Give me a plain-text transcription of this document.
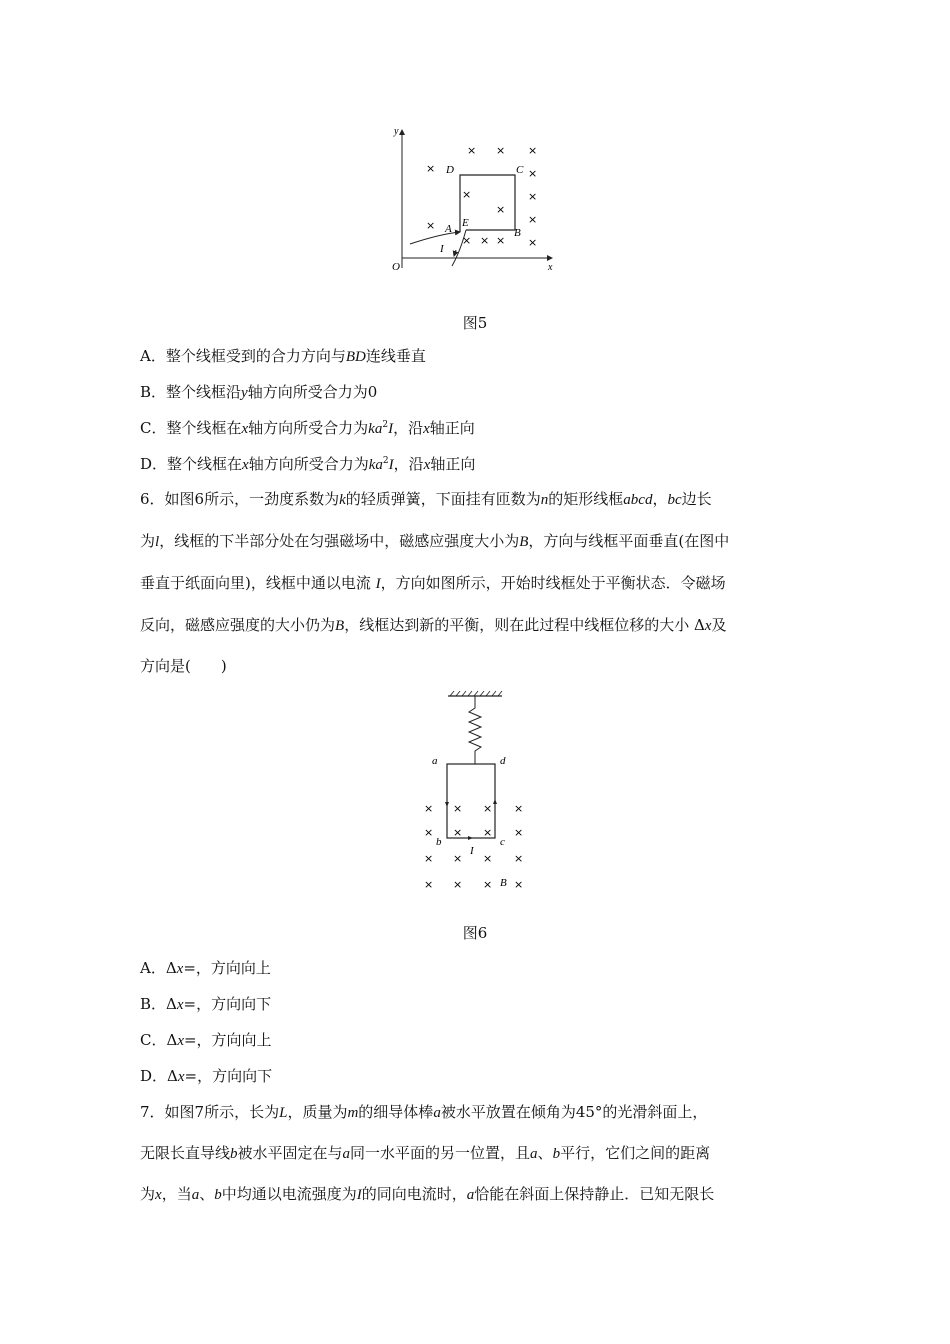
y
x
O
D	C
E
A	B
I
× × ×
×	×
×	×
×
×
×
× × × ×
图5
A．整个线框受到的合力方向与BD连线垂直
B．整个线框沿y轴方向所受合力为0
C．整个线框在x轴方向所受合力为$ka^2I$，沿x轴正向
D．整个线框在x轴方向所受合力为$ka^2I$，沿x轴正向
6．如图6所示，一劲度系数为k的轻质弹簧，下面挂有匝数为n的矩形线框abcd，bc边长
为l，线框的下半部分处在匀强磁场中，磁感应强度大小为B，方向与线框平面垂直(在图中
垂直于纸面向里)，线框中通以电流 I，方向如图所示，开始时线框处于平衡状态．令磁场
反向，磁感应强度的大小仍为B，线框达到新的平衡，则在此过程中线框位移的大小 Δx及
方向是(　　)
a	d
b	c
I
B
× × × ×
× × × ×
× × × ×
× × × ×
图6
A．Δx=，方向向上
B．Δx=，方向向下
C．Δx=，方向向上
D．Δx=，方向向下
7．如图7所示，长为L，质量为m的细导体棒a被水平放置在倾角为45°的光滑斜面上，
无限长直导线b被水平固定在与a同一水平面的另一位置，且a、b平行，它们之间的距离
为x，当a、b中均通以电流强度为I的同向电流时，a恰能在斜面上保持静止．已知无限长
